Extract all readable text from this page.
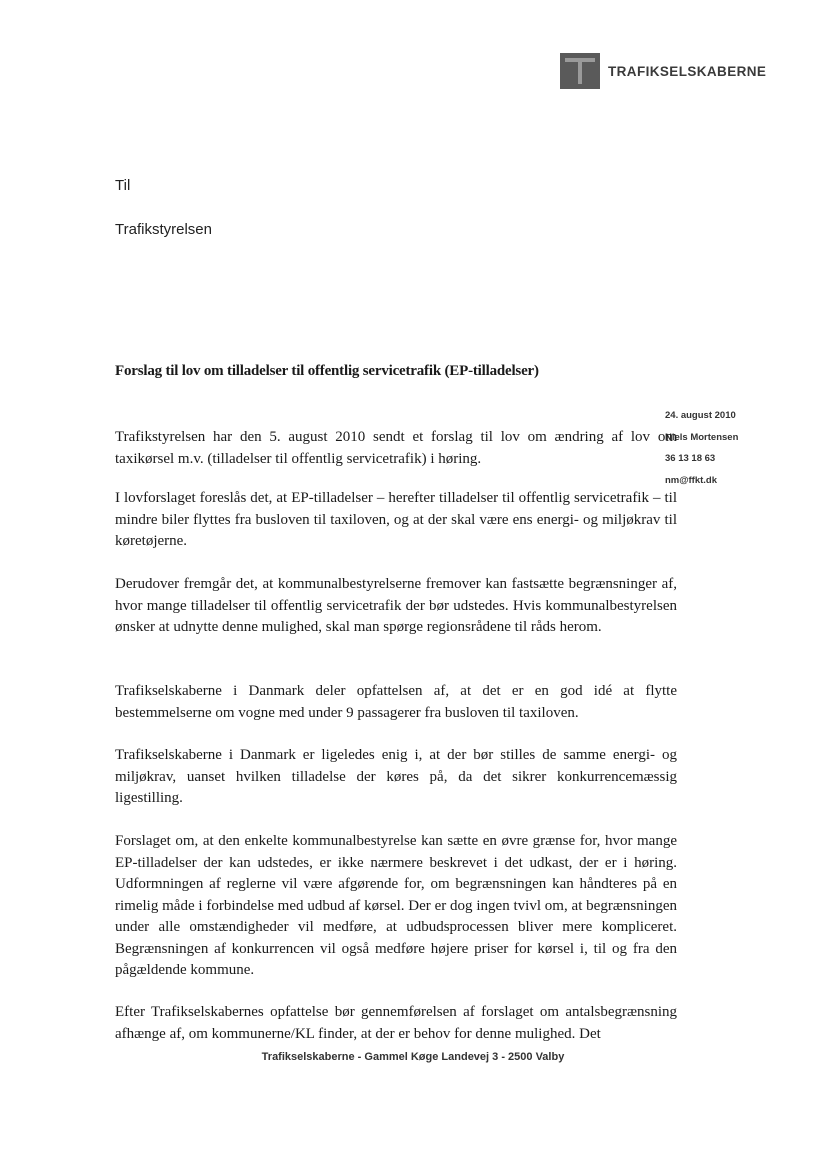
TRAFIKSELSKABERNE
Til
Trafikstyrelsen
Forslag til lov om tilladelser til offentlig servicetrafik (EP-tilladelser)
24. august 2010
Niels Mortensen
36 13 18 63
nm@ffkt.dk

Trafikstyrelsen har den 5. august 2010 sendt et forslag til lov om ændring af lov om taxikørsel m.v. (tilladelser til offentlig servicetrafik) i høring.

I lovforslaget foreslås det, at EP-tilladelser – herefter tilladelser til offentlig servicetrafik – til mindre biler flyttes fra busloven til taxiloven, og at der skal være ens energi- og miljøkrav til køretøjerne.

Derudover fremgår det, at kommunalbestyrelserne fremover kan fastsætte begrænsninger af, hvor mange tilladelser til offentlig servicetrafik der bør udstedes. Hvis kommunalbestyrelsen ønsker at udnytte denne mulighed, skal man spørge regionsrådene til råds herom.

Trafikselskaberne i Danmark deler opfattelsen af, at det er en god idé at flytte bestemmelserne om vogne med under 9 passagerer fra busloven til taxiloven.

Trafikselskaberne i Danmark er ligeledes enig i, at der bør stilles de samme energi- og miljøkrav, uanset hvilken tilladelse der køres på, da det sikrer konkurrencemæssig ligestilling.

Forslaget om, at den enkelte kommunalbestyrelse kan sætte en øvre grænse for, hvor mange EP-tilladelser der kan udstedes, er ikke nærmere beskrevet i det udkast, der er i høring. Udformningen af reglerne vil være afgørende for, om begrænsningen kan håndteres på en rimelig måde i forbindelse med udbud af kørsel. Der er dog ingen tvivl om, at begrænsningen under alle omstændigheder vil medføre, at udbudsprocessen bliver mere kompliceret. Begrænsningen af konkurrencen vil også medføre højere priser for kørsel i, til og fra den pågældende kommune.

Efter Trafikselskabernes opfattelse bør gennemførelsen af forslaget om antalsbegrænsning afhænge af, om kommunerne/KL finder, at der er behov for denne mulighed. Det

Trafikselskaberne - Gammel Køge Landevej 3 - 2500 Valby
